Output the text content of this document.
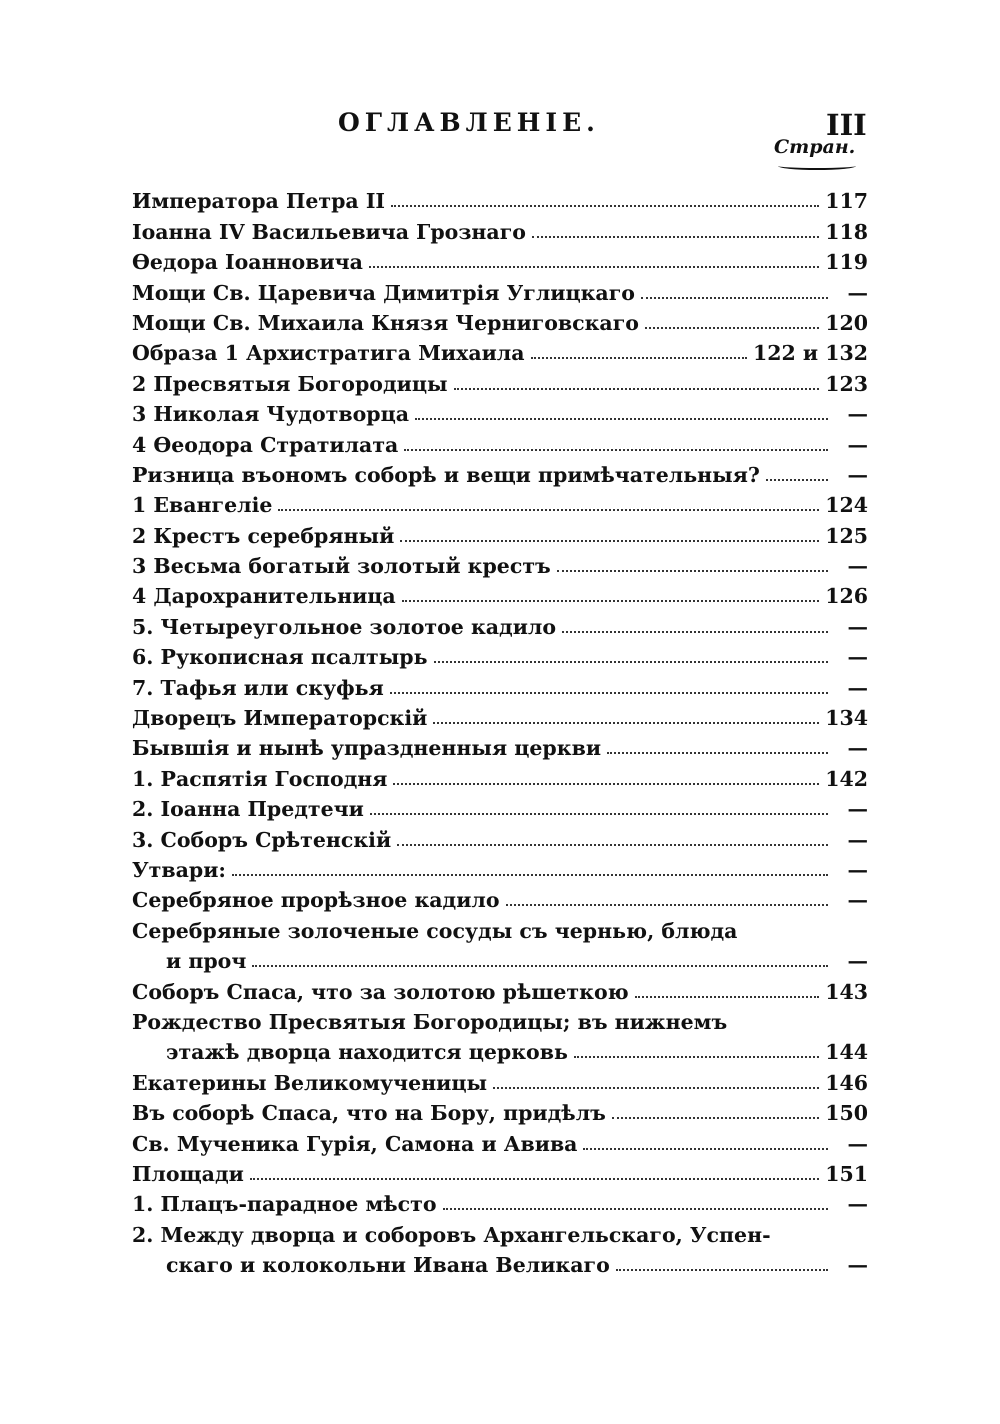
ОГЛАВЛЕНІЕ.	III
Стран.
Императора Петра II	117
Іоанна IV Васильевича Грознаго	118
Өедора Іоанновича	119
Мощи Св. Царевича Димитрія Углицкаго	—
Мощи Св. Михаила Князя Черниговскаго	120
Образа 1 Архистратига Михаила	122 и 132
2 Пресвятыя Богородицы	123
3 Николая Чудотворца	—
4 Өеодора Стратилата	—
Ризница въономъ соборѣ и вещи примѣчательныя?	—
1 Евангеліе	124
2 Крестъ серебряный	125
3 Весьма богатый золотый крестъ	—
4 Дарохранительница	126
5. Четыреугольное золотое кадило	—
6. Рукописная псалтырь	—
7. Тафья или скуфья	—
Дворецъ Императорскій	134
Бывшія и нынѣ упраздненныя церкви	—
1. Распятія Господня	142
2. Іоанна Предтечи	—
3. Соборъ Срѣтенскій	—
Утвари:	—
Серебряное прорѣзное кадило	—
Серебряные золоченые сосуды съ чернью, блюда
и проч	—
Соборъ Спаса, что за золотою рѣшеткою	143
Рождество Пресвятыя Богородицы; въ нижнемъ
этажѣ дворца находится церковь	144
Екатерины Великомученицы	146
Въ соборѣ Спаса, что на Бору, придѣлъ	150
Св. Мученика Гурія, Самона и Авива	—
Площади	151
1. Плацъ-парадное мѣсто	—
2. Между дворца и соборовъ Архангельскаго, Успен-
скаго и колокольни Ивана Великаго	—
